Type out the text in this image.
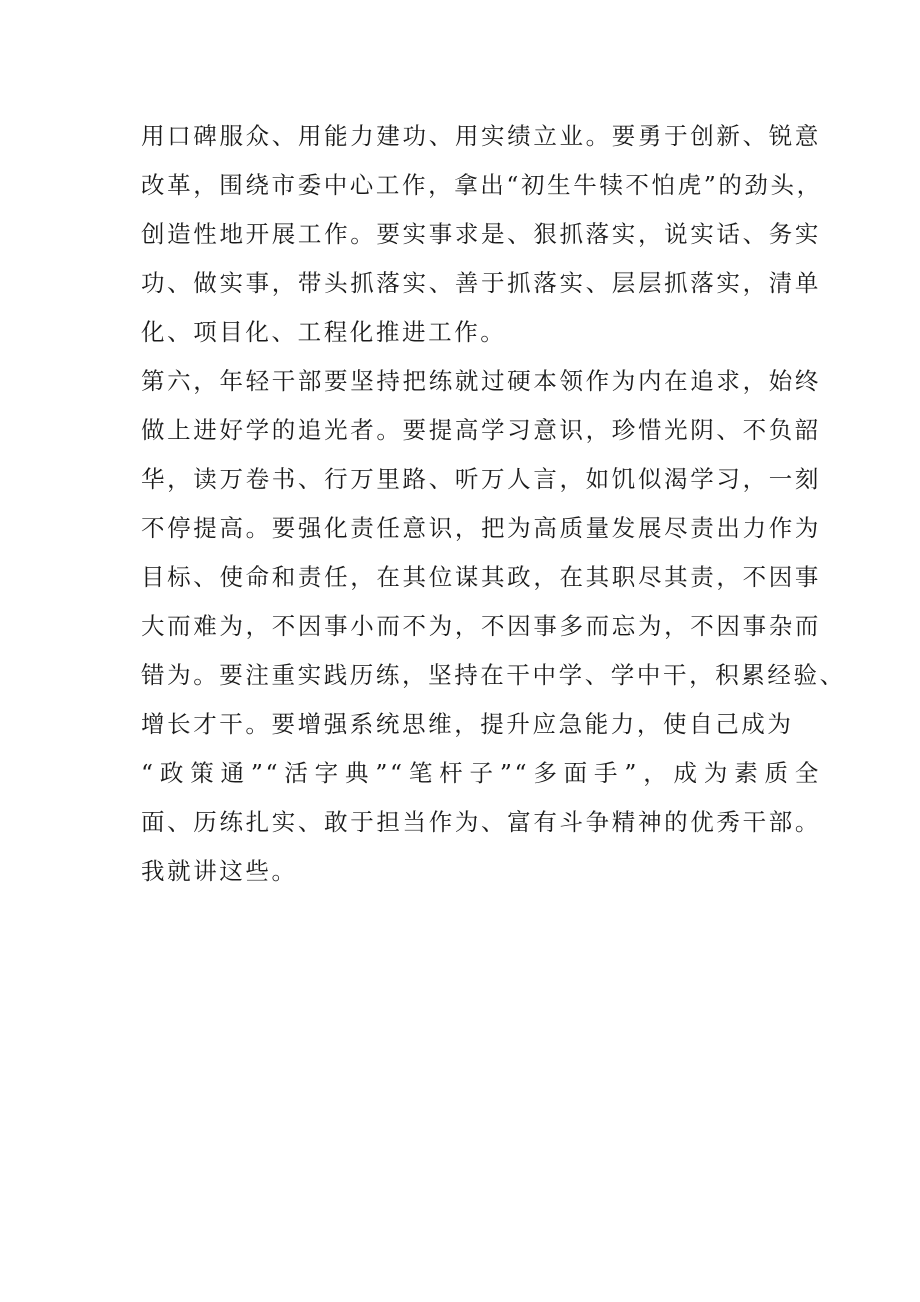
用口碑服众、用能力建功、用实绩立业。要勇于创新、锐意
改革，围绕市委中心工作，拿出“初生牛犊不怕虎”的劲头，
创造性地开展工作。要实事求是、狠抓落实，说实话、务实
功、做实事，带头抓落实、善于抓落实、层层抓落实，清单
化、项目化、工程化推进工作。
第六，年轻干部要坚持把练就过硬本领作为内在追求，始终
做上进好学的追光者。要提高学习意识，珍惜光阴、不负韶
华，读万卷书、行万里路、听万人言，如饥似渴学习，一刻
不停提高。要强化责任意识，把为高质量发展尽责出力作为
目标、使命和责任，在其位谋其政，在其职尽其责，不因事
大而难为，不因事小而不为，不因事多而忘为，不因事杂而
错为。要注重实践历练，坚持在干中学、学中干，积累经验、
增长才干。要增强系统思维，提升应急能力，使自己成为
“政策通”“活字典”“笔杆子”“多面手”，成为素质全
面、历练扎实、敢于担当作为、富有斗争精神的优秀干部。
我就讲这些。
